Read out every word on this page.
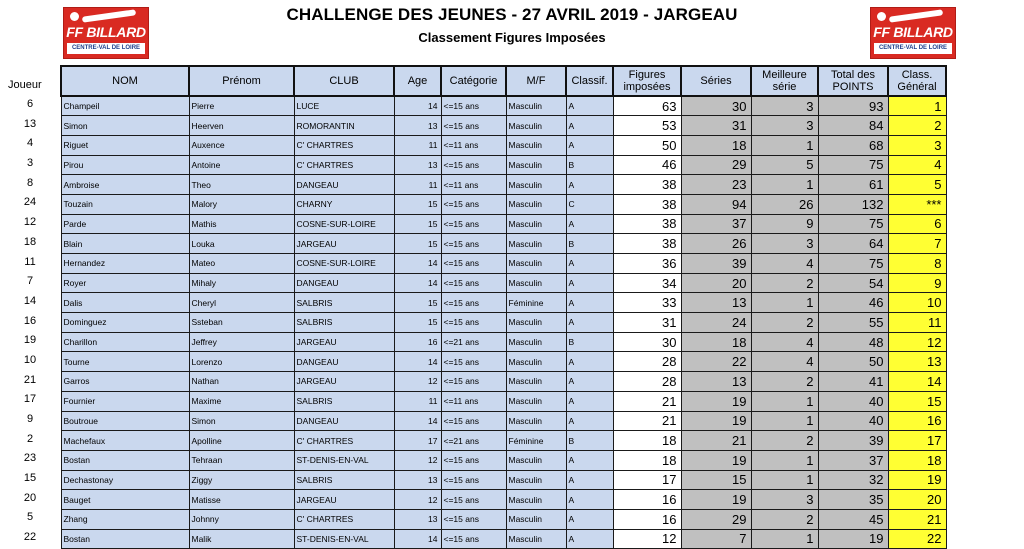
FF BILLARD
CENTRE-VAL DE LOIRE
FF BILLARD
CENTRE-VAL DE LOIRE
CHALLENGE DES JEUNES - 27 AVRIL 2019 - JARGEAU
Classement Figures Imposées
Joueur
6
13
4
3
8
24
12
18
11
7
14
16
19
10
21
17
9
2
23
15
20
5
22
NOM	Prénom	CLUB	Age	Catégorie	M/F	Classif.	Figures imposées	Séries	Meilleure série	Total des POINTS	Class. Général
Champeil	Pierre	LUCE	14	<=15 ans	Masculin	A	63	30	3	93	1
Simon	Heerven	ROMORANTIN	13	<=15 ans	Masculin	A	53	31	3	84	2
Riguet	Auxence	C' CHARTRES	11	<=11 ans	Masculin	A	50	18	1	68	3
Pirou	Antoine	C' CHARTRES	13	<=15 ans	Masculin	B	46	29	5	75	4
Ambroise	Theo	DANGEAU	11	<=11 ans	Masculin	A	38	23	1	61	5
Touzain	Malory	CHARNY	15	<=15 ans	Masculin	C	38	94	26	132	***
Parde	Mathis	COSNE-SUR-LOIRE	15	<=15 ans	Masculin	A	38	37	9	75	6
Blain	Louka	JARGEAU	15	<=15 ans	Masculin	B	38	26	3	64	7
Hernandez	Mateo	COSNE-SUR-LOIRE	14	<=15 ans	Masculin	A	36	39	4	75	8
Royer	Mihaly	DANGEAU	14	<=15 ans	Masculin	A	34	20	2	54	9
Dalis	Cheryl	SALBRIS	15	<=15 ans	Féminine	A	33	13	1	46	10
Dominguez	Ssteban	SALBRIS	15	<=15 ans	Masculin	A	31	24	2	55	11
Charillon	Jeffrey	JARGEAU	16	<=21 ans	Masculin	B	30	18	4	48	12
Tourne	Lorenzo	DANGEAU	14	<=15 ans	Masculin	A	28	22	4	50	13
Garros	Nathan	JARGEAU	12	<=15 ans	Masculin	A	28	13	2	41	14
Fournier	Maxime	SALBRIS	11	<=11 ans	Masculin	A	21	19	1	40	15
Boutroue	Simon	DANGEAU	14	<=15 ans	Masculin	A	21	19	1	40	16
Machefaux	Apolline	C' CHARTRES	17	<=21 ans	Féminine	B	18	21	2	39	17
Bostan	Tehraan	ST-DENIS-EN-VAL	12	<=15 ans	Masculin	A	18	19	1	37	18
Dechastonay	Ziggy	SALBRIS	13	<=15 ans	Masculin	A	17	15	1	32	19
Bauget	Matisse	JARGEAU	12	<=15 ans	Masculin	A	16	19	3	35	20
Zhang	Johnny	C' CHARTRES	13	<=15 ans	Masculin	A	16	29	2	45	21
Bostan	Malik	ST-DENIS-EN-VAL	14	<=15 ans	Masculin	A	12	7	1	19	22
